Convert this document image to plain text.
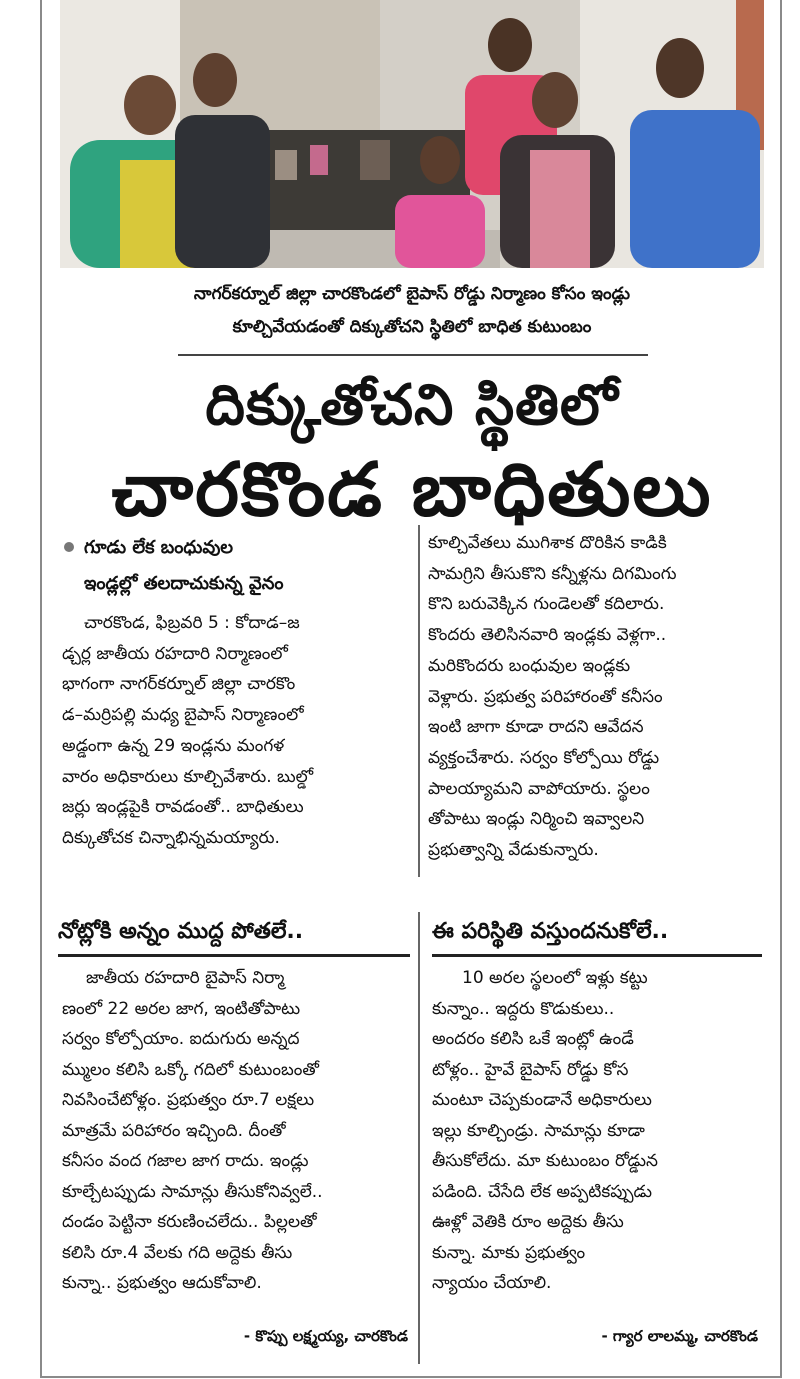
నాగర్‌కర్నూల్ జిల్లా చారకొండలో బైపాస్ రోడ్డు నిర్మాణం కోసం ఇండ్లు
కూల్చివేయడంతో దిక్కుతోచని స్థితిలో బాధిత కుటుంబం
దిక్కుతోచని స్థితిలో
చారకొండ బాధితులు
గూడు లేక బంధువుల
ఇండ్లల్లో తలదాచుకున్న వైనం

చారకొండ, ఫిబ్రవరి 5 : కోదాడ–జ

డ్చర్ల జాతీయ రహదారి నిర్మాణంలో

భాగంగా నాగర్‌కర్నూల్ జిల్లా చారకొం

డ–మర్రిపల్లి మధ్య బైపాస్ నిర్మాణంలో

అడ్డంగా ఉన్న 29 ఇండ్లను మంగళ

వారం అధికారులు కూల్చివేశారు. బుల్డో

జర్లు ఇండ్లపైకి రావడంతో.. బాధితులు

దిక్కుతోచక చిన్నాభిన్నమయ్యారు.

కూల్చివేతలు ముగిశాక దొరికిన కాడికి

సామగ్రిని తీసుకొని కన్నీళ్లను దిగమింగు

కొని బరువెక్కిన గుండెలతో కదిలారు.

కొందరు తెలిసినవారి ఇండ్లకు వెళ్లగా..

మరికొందరు బంధువుల ఇండ్లకు

వెళ్లారు. ప్రభుత్వ పరిహారంతో కనీసం

ఇంటి జాగా కూడా రాదని ఆవేదన

వ్యక్తంచేశారు. సర్వం కోల్పోయి రోడ్డు

పాలయ్యామని వాపోయారు. స్థలం

తోపాటు ఇండ్లు నిర్మించి ఇవ్వాలని

ప్రభుత్వాన్ని వేడుకున్నారు.

నోట్లోకి అన్నం ముద్ద పోతలే..	ఈ పరిస్థితి వస్తుందనుకోలే..

జాతీయ రహదారి బైపాస్ నిర్మా

ణంలో 22 అరల జాగ, ఇంటితోపాటు

సర్వం కోల్పోయాం. ఐదుగురు అన్నద

మ్ములం కలిసి ఒక్కో గదిలో కుటుంబంతో

నివసించేటోళ్లం. ప్రభుత్వం రూ.7 లక్షలు

మాత్రమే పరిహారం ఇచ్చింది. దీంతో

కనీసం వంద గజాల జాగ రాదు. ఇండ్లు

కూల్చేటప్పుడు సామాన్లు తీసుకోనివ్వలే..

దండం పెట్టినా కరుణించలేదు.. పిల్లలతో

కలిసి రూ.4 వేలకు గది అద్దెకు తీసు

కున్నా.. ప్రభుత్వం ఆదుకోవాలి.

- కొప్పు లక్ష్మయ్య, చారకొండ

10 అరల స్థలంలో ఇళ్లు కట్టు

కున్నాం.. ఇద్దరు కొడుకులు..

అందరం కలిసి ఒకే ఇంట్లో ఉండే

టోళ్లం.. హైవే బైపాస్ రోడ్డు కోస

మంటూ చెప్పకుండానే అధికారులు

ఇల్లు కూల్చిండ్రు. సామాన్లు కూడా

తీసుకోలేదు. మా కుటుంబం రోడ్డున

పడింది. చేసేది లేక అప్పటికప్పుడు

ఊళ్లో వెతికి రూం అద్దెకు తీసు

కున్నా. మాకు ప్రభుత్వం

న్యాయం చేయాలి.

- గ్యార లాలమ్మ, చారకొండ
